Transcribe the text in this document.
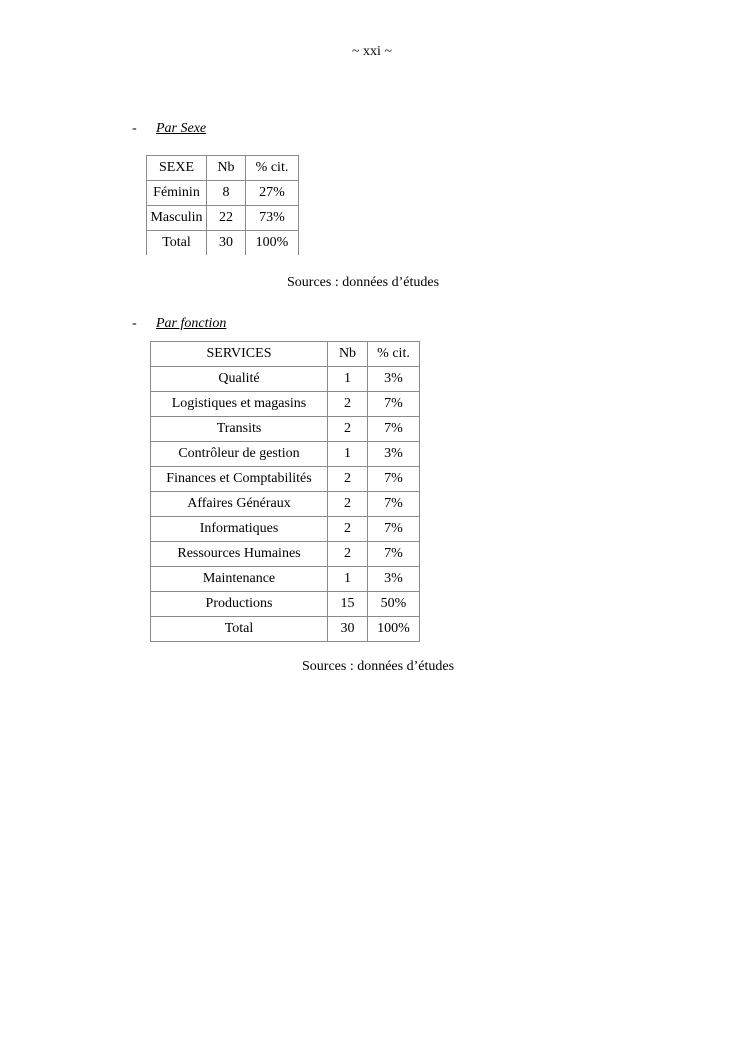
~ xxi ~
- Par Sexe
SEXE	Nb	% cit.
Féminin	8	27%
Masculin	22	73%
Total	30	100%
Sources : données d’études
- Par fonction
SERVICES	Nb	% cit.
Qualité	1	3%
Logistiques et magasins	2	7%
Transits	2	7%
Contrôleur de gestion	1	3%
Finances et Comptabilités	2	7%
Affaires Généraux	2	7%
Informatiques	2	7%
Ressources Humaines	2	7%
Maintenance	1	3%
Productions	15	50%
Total	30	100%
Sources : données d’études
